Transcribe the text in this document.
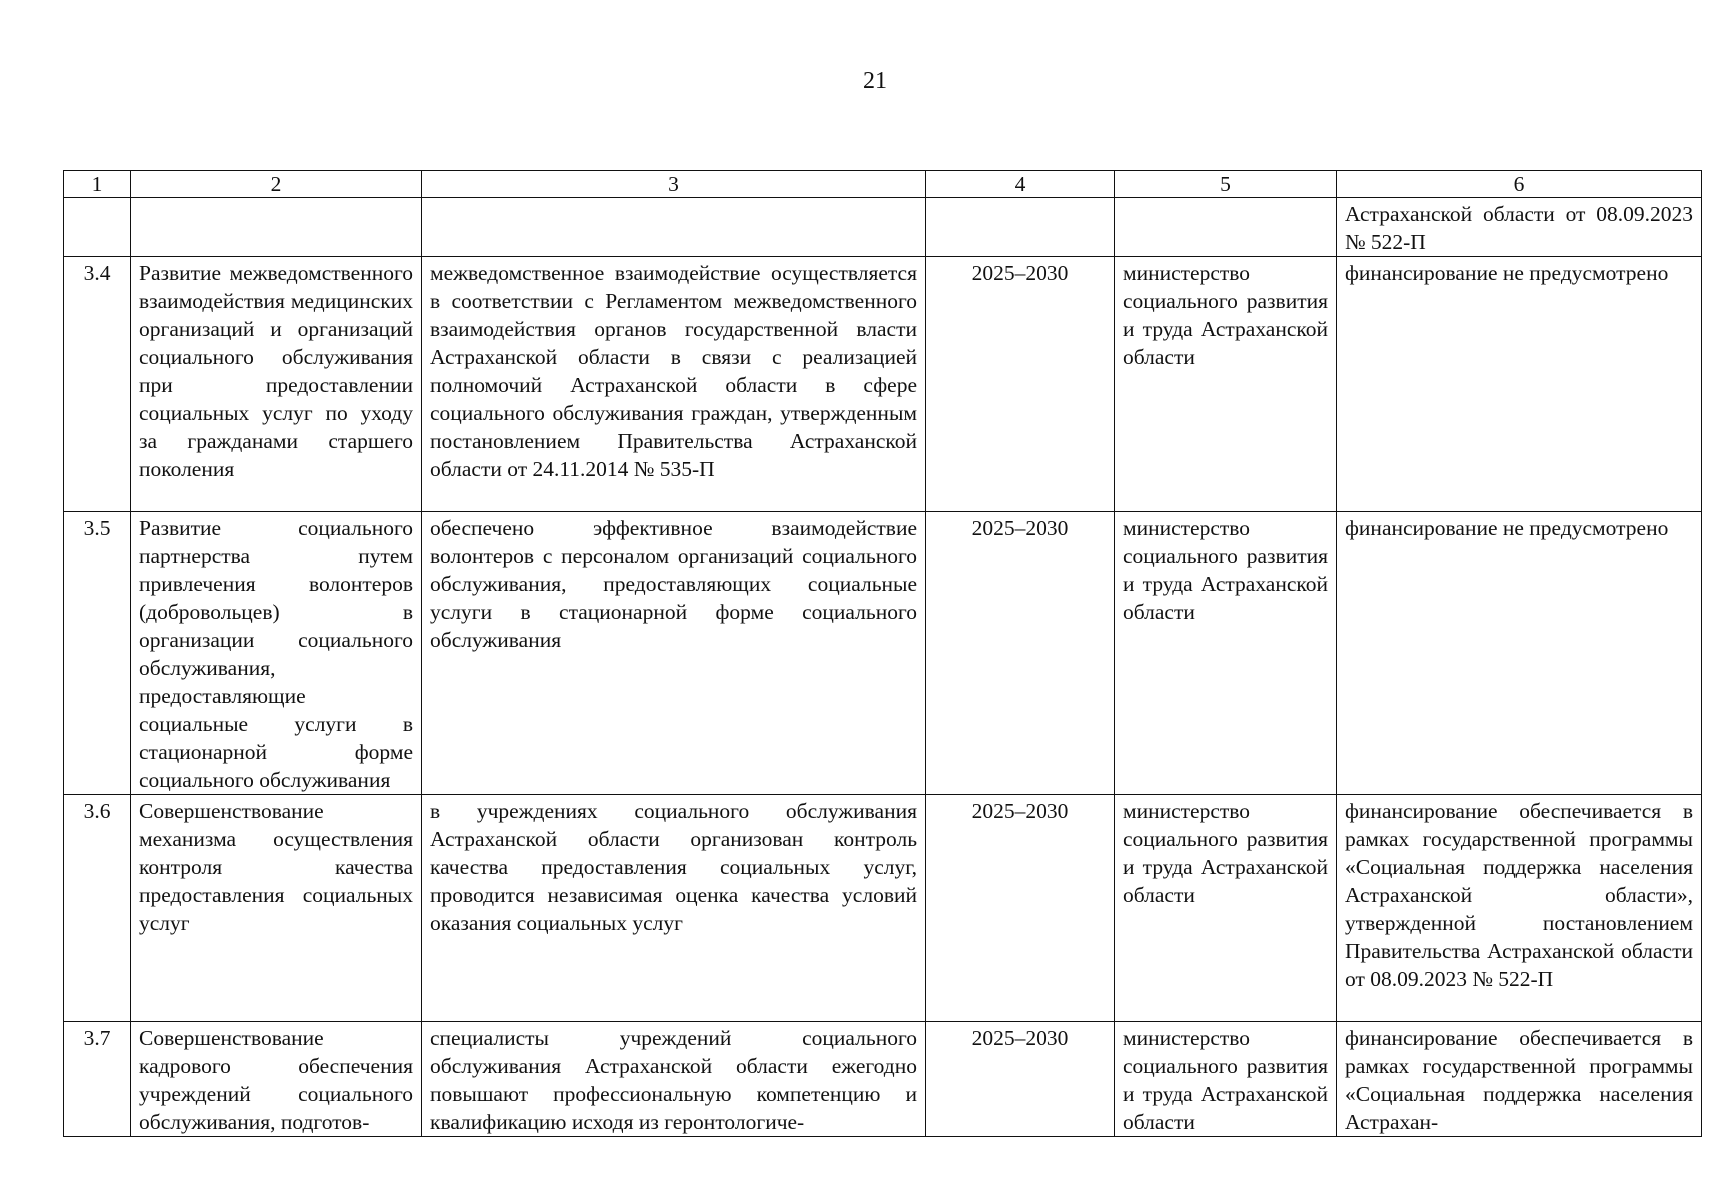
21
1	2	3	4	5	6
					Астраханской области от 08.09.2023 № 522-П
3.4	Развитие межведомственного взаимодействия медицинских организаций и организаций социального обслуживания при предоставлении социальных услуг по уходу за гражданами старшего поколения	межведомственное взаимодействие осуществляется в соответствии с Регламентом межведомственного взаимодействия органов государственной власти Астраханской области в связи с реализацией полномочий Астраханской области в сфере социального обслуживания граждан, утвержденным постановлением Правительства Астраханской области от 24.11.2014 № 535-П	2025–2030	министерство социального развития и труда Астраханской области	финансирование не предусмотрено
3.5	Развитие социального партнерства путем привлечения волонтеров (добровольцев) в организации социального обслуживания, предоставляющие социальные услуги в стационарной форме социального обслуживания	обеспечено эффективное взаимодействие волонтеров с персоналом организаций социального обслуживания, предоставляющих социальные услуги в стационарной форме социального обслуживания	2025–2030	министерство социального развития и труда Астраханской области	финансирование не предусмотрено
3.6	Совершенствование механизма осуществления контроля качества предоставления социальных услуг	в учреждениях социального обслуживания Астраханской области организован контроль качества предоставления социальных услуг, проводится независимая оценка качества условий оказания социальных услуг	2025–2030	министерство социального развития и труда Астраханской области	финансирование обеспечивается в рамках государственной программы «Социальная поддержка населения Астраханской области», утвержденной постановлением Правительства Астраханской области от 08.09.2023 № 522-П
3.7	Совершенствование кадрового обеспечения учреждений социального обслуживания, подготов-	специалисты учреждений социального обслуживания Астраханской области ежегодно повышают профессиональную компетенцию и квалификацию исходя из геронтологиче-	2025–2030	министерство социального развития и труда Астраханской области	финансирование обеспечивается в рамках государственной программы «Социальная поддержка населения Астрахан-
